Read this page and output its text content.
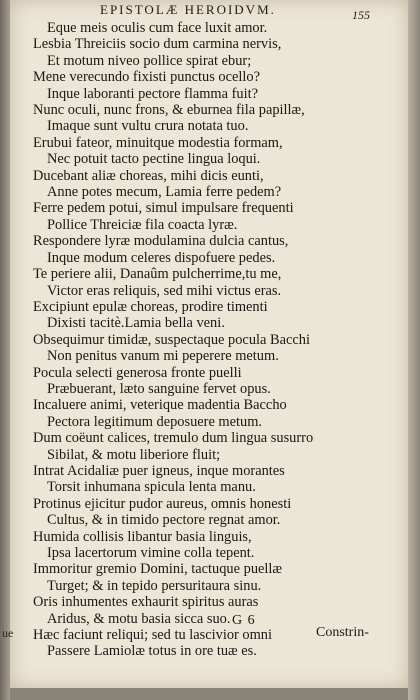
ue
EPISTOLÆ HEROIDVM.	155
Eque meis oculis cum face luxit amor.
Lesbia Threiciis socio dum carmina nervis,
Et motum niveo pollice spirat ebur;
Mene verecundo fixisti punctus ocello?
Inque laboranti pectore flamma fuit?
Nunc oculi, nunc frons, & eburnea fila papillæ,
Imaque sunt vultu crura notata tuo.
Erubui fateor, minuitque modestia formam,
Nec potuit tacto pectine lingua loqui.
Ducebant aliæ choreas, mihi dicis eunti,
Anne potes mecum, Lamia ferre pedem?
Ferre pedem potui, simul impulsare frequenti
Pollice Threiciæ fila coacta lyræ.
Respondere lyræ modulamina dulcia cantus,
Inque modum celeres dispofuere pedes.
Te periere alii, Danaûm pulcherrime,tu me,
Victor eras reliquis, sed mihi victus eras.
Excipiunt epulæ choreas, prodire timenti
Dixisti tacitè.Lamia bella veni.
Obsequimur timidæ, suspectaque pocula Bacchi
Non penitus vanum mi peperere metum.
Pocula selecti generosa fronte puelli
Præbuerant, læto sanguine fervet opus.
Incaluere animi, veterique madentia Baccho
Pectora legitimum deposuere metum.
Dum coëunt calices, tremulo dum lingua susurro
Sibilat, & motu liberiore fluit;
Intrat Acidaliæ puer igneus, inque morantes
Torsit inhumana spicula lenta manu.
Protinus ejicitur pudor aureus, omnis honesti
Cultus, & in timido pectore regnat amor.
Humida collisis libantur basia linguis,
Ipsa lacertorum vimine colla tepent.
Immoritur gremio Domini, tactuque puellæ
Turget; & in tepido persuritaura sinu.
Oris inhumentes exhaurit spiritus auras
Aridus, & motu basia sicca suo.
Hæc faciunt reliqui; sed tu lascivior omni
Passere Lamiolæ totus in ore tuæ es.
G 6
Constrin-
